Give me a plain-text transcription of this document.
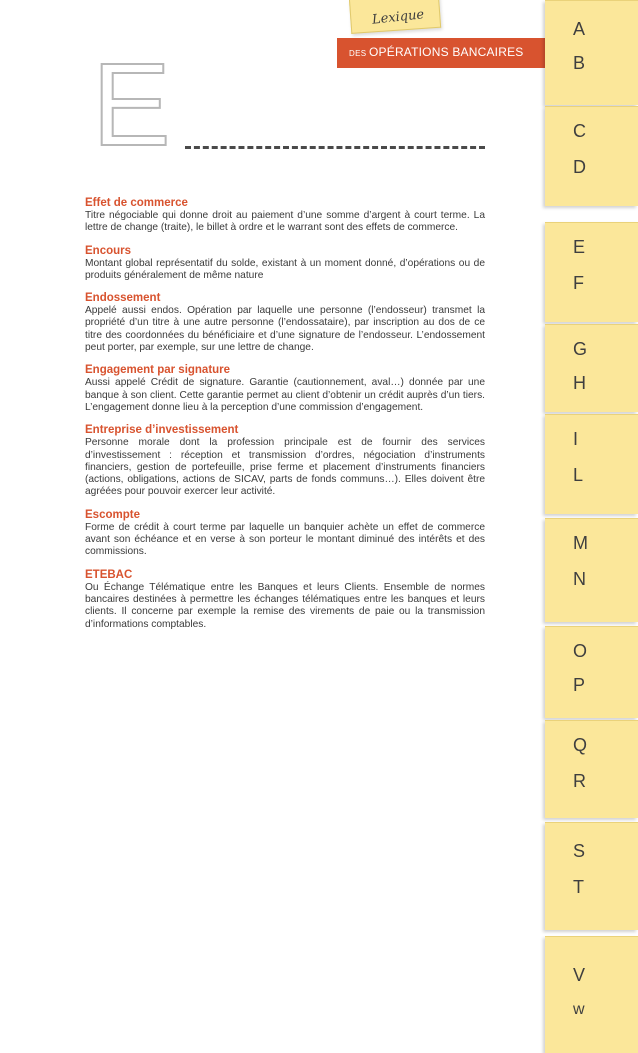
Lexique
DES OPÉRATIONS BANCAIRES
E
Effet de commerce
Titre négociable qui donne droit au paiement d’une somme d’argent à court terme. La lettre de change (traite), le billet à ordre et le warrant sont des effets de commerce.
Encours
Montant global représentatif du solde, existant à un moment donné, d’opérations ou de produits généralement de même nature
Endossement
Appelé aussi endos. Opération par laquelle une personne (l’endosseur) transmet la propriété d’un titre à une autre personne (l’endossataire), par inscription au dos de ce titre des coordonnées du bénéficiaire et d’une signature de l’endosseur. L’endossement peut porter, par exemple, sur une lettre de change.
Engagement par signature
Aussi appelé Crédit de signature. Garantie (cautionnement, aval…) donnée par une banque à son client. Cette garantie permet au client d’obtenir un crédit auprès d’un tiers. L’engagement donne lieu à la perception d’une commission d’engagement.
Entreprise d’investissement
Personne morale dont la profession principale est de fournir des services d’investissement : réception et transmission d’ordres, négociation d’instruments financiers, gestion de portefeuille, prise ferme et placement d’instruments financiers (actions, obligations, actions de SICAV, parts de fonds communs…). Elles doivent être agréées pour pouvoir exercer leur activité.
Escompte
Forme de crédit à court terme par laquelle un banquier achète un effet de commerce avant son échéance et en verse à son porteur le montant diminué des intérêts et des commissions.
ETEBAC
Ou Échange Télématique entre les Banques et leurs Clients. Ensemble de normes bancaires destinées à permettre les échanges télématiques entre les banques et leurs clients. Il concerne par exemple la remise des virements de paie ou la transmission d’informations comptables.
A
B
C
D
E
F
G
H
I
L
M
N
O
P
Q
R
S
T
V
w
